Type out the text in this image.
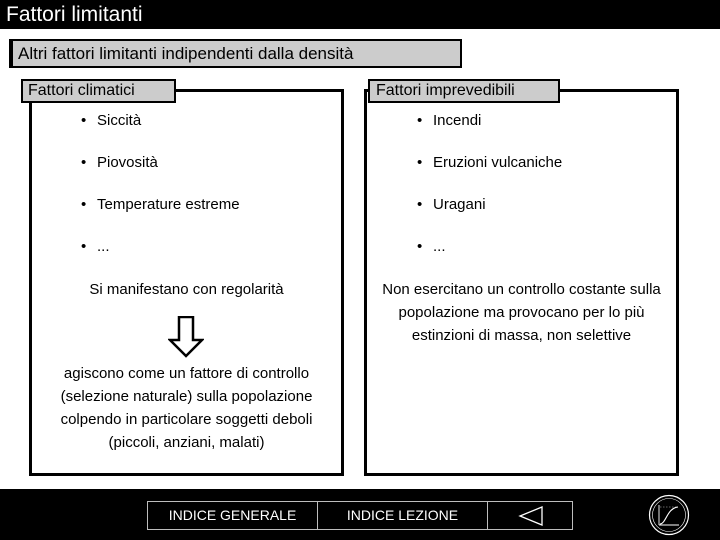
Fattori limitanti
Altri fattori limitanti indipendenti dalla densità
Fattori climatici	Fattori imprevedibili
• Siccità
• Piovosità
• Temperature estreme
• ...
• Incendi
• Eruzioni vulcaniche
• Uragani
• ...
Si manifestano con regolarità
agiscono come un fattore di controllo
(selezione naturale) sulla popolazione
colpendo in particolare soggetti deboli
(piccoli, anziani, malati)
Non esercitano un controllo costante sulla
popolazione ma provocano per lo più
estinzioni di massa, non selettive
INDICE GENERALE	INDICE LEZIONE
